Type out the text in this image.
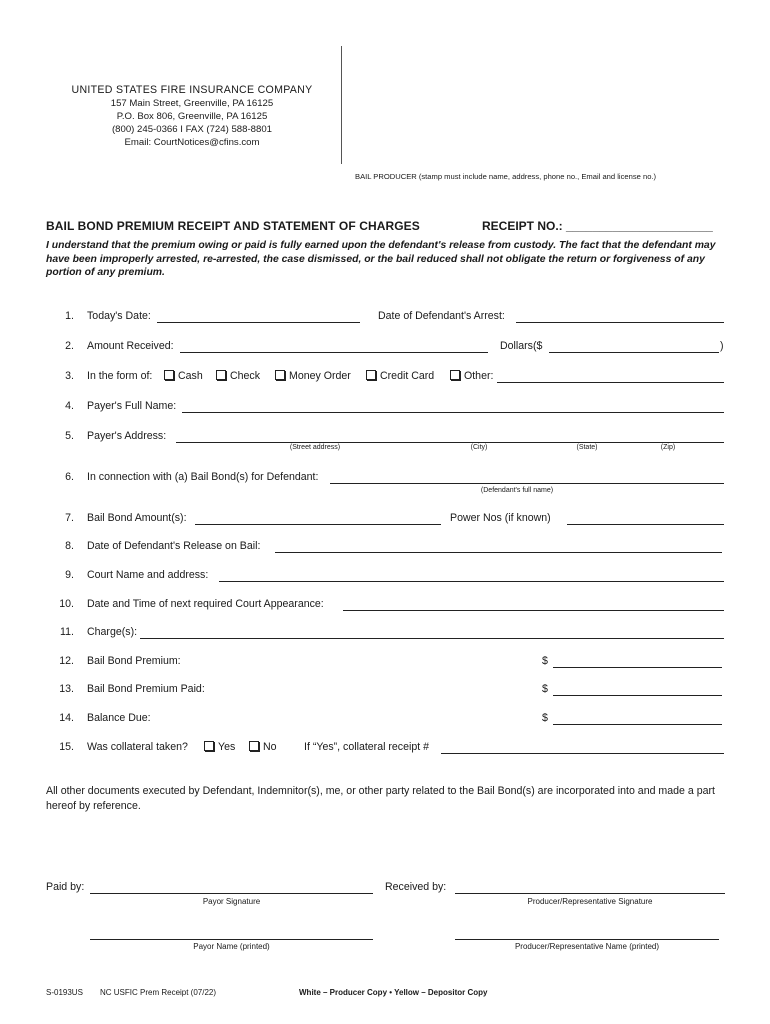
UNITED STATES FIRE INSURANCE COMPANY
157 Main Street, Greenville, PA 16125
P.O. Box 806, Greenville, PA 16125
(800) 245-0366 I FAX (724) 588-8801
Email: CourtNotices@cfins.com
BAIL PRODUCER (stamp must include name, address, phone no., Email and license no.)
BAIL BOND PREMIUM RECEIPT AND STATEMENT OF CHARGES	RECEIPT NO.: ______________________
I understand that the premium owing or paid is fully earned upon the defendant's release from custody. The fact that the defendant may have been improperly arrested, re-arrested, the case dismissed, or the bail reduced shall not obligate the return or forgiveness of any portion of any premium.
1. Today's Date:	Date of Defendant's Arrest:
2. Amount Received:	Dollars($	)
3. In the form of:	Cash	Check	Money Order	Credit Card	Other:
4. Payer's Full Name:
5. Payer's Address:
(Street address)	(City)	(State)	(Zip)
6. In connection with (a) Bail Bond(s) for Defendant:
(Defendant's full name)
7. Bail Bond Amount(s):	Power Nos (if known)
8. Date of Defendant's Release on Bail:
9. Court Name and address:
10. Date and Time of next required Court Appearance:
11. Charge(s):
12. Bail Bond Premium:	$
13. Bail Bond Premium Paid:	$
14. Balance Due:	$
15. Was collateral taken?	Yes	No	If “Yes”, collateral receipt #
All other documents executed by Defendant, Indemnitor(s), me, or other party related to the Bail Bond(s) are incorporated into and made a part hereof by reference.
Paid by:
Payor Signature
Received by:
Producer/Representative Signature
Payor Name (printed)	Producer/Representative Name (printed)
S-0193US NC USFIC Prem Receipt (07/22)	White – Producer Copy • Yellow – Depositor Copy
